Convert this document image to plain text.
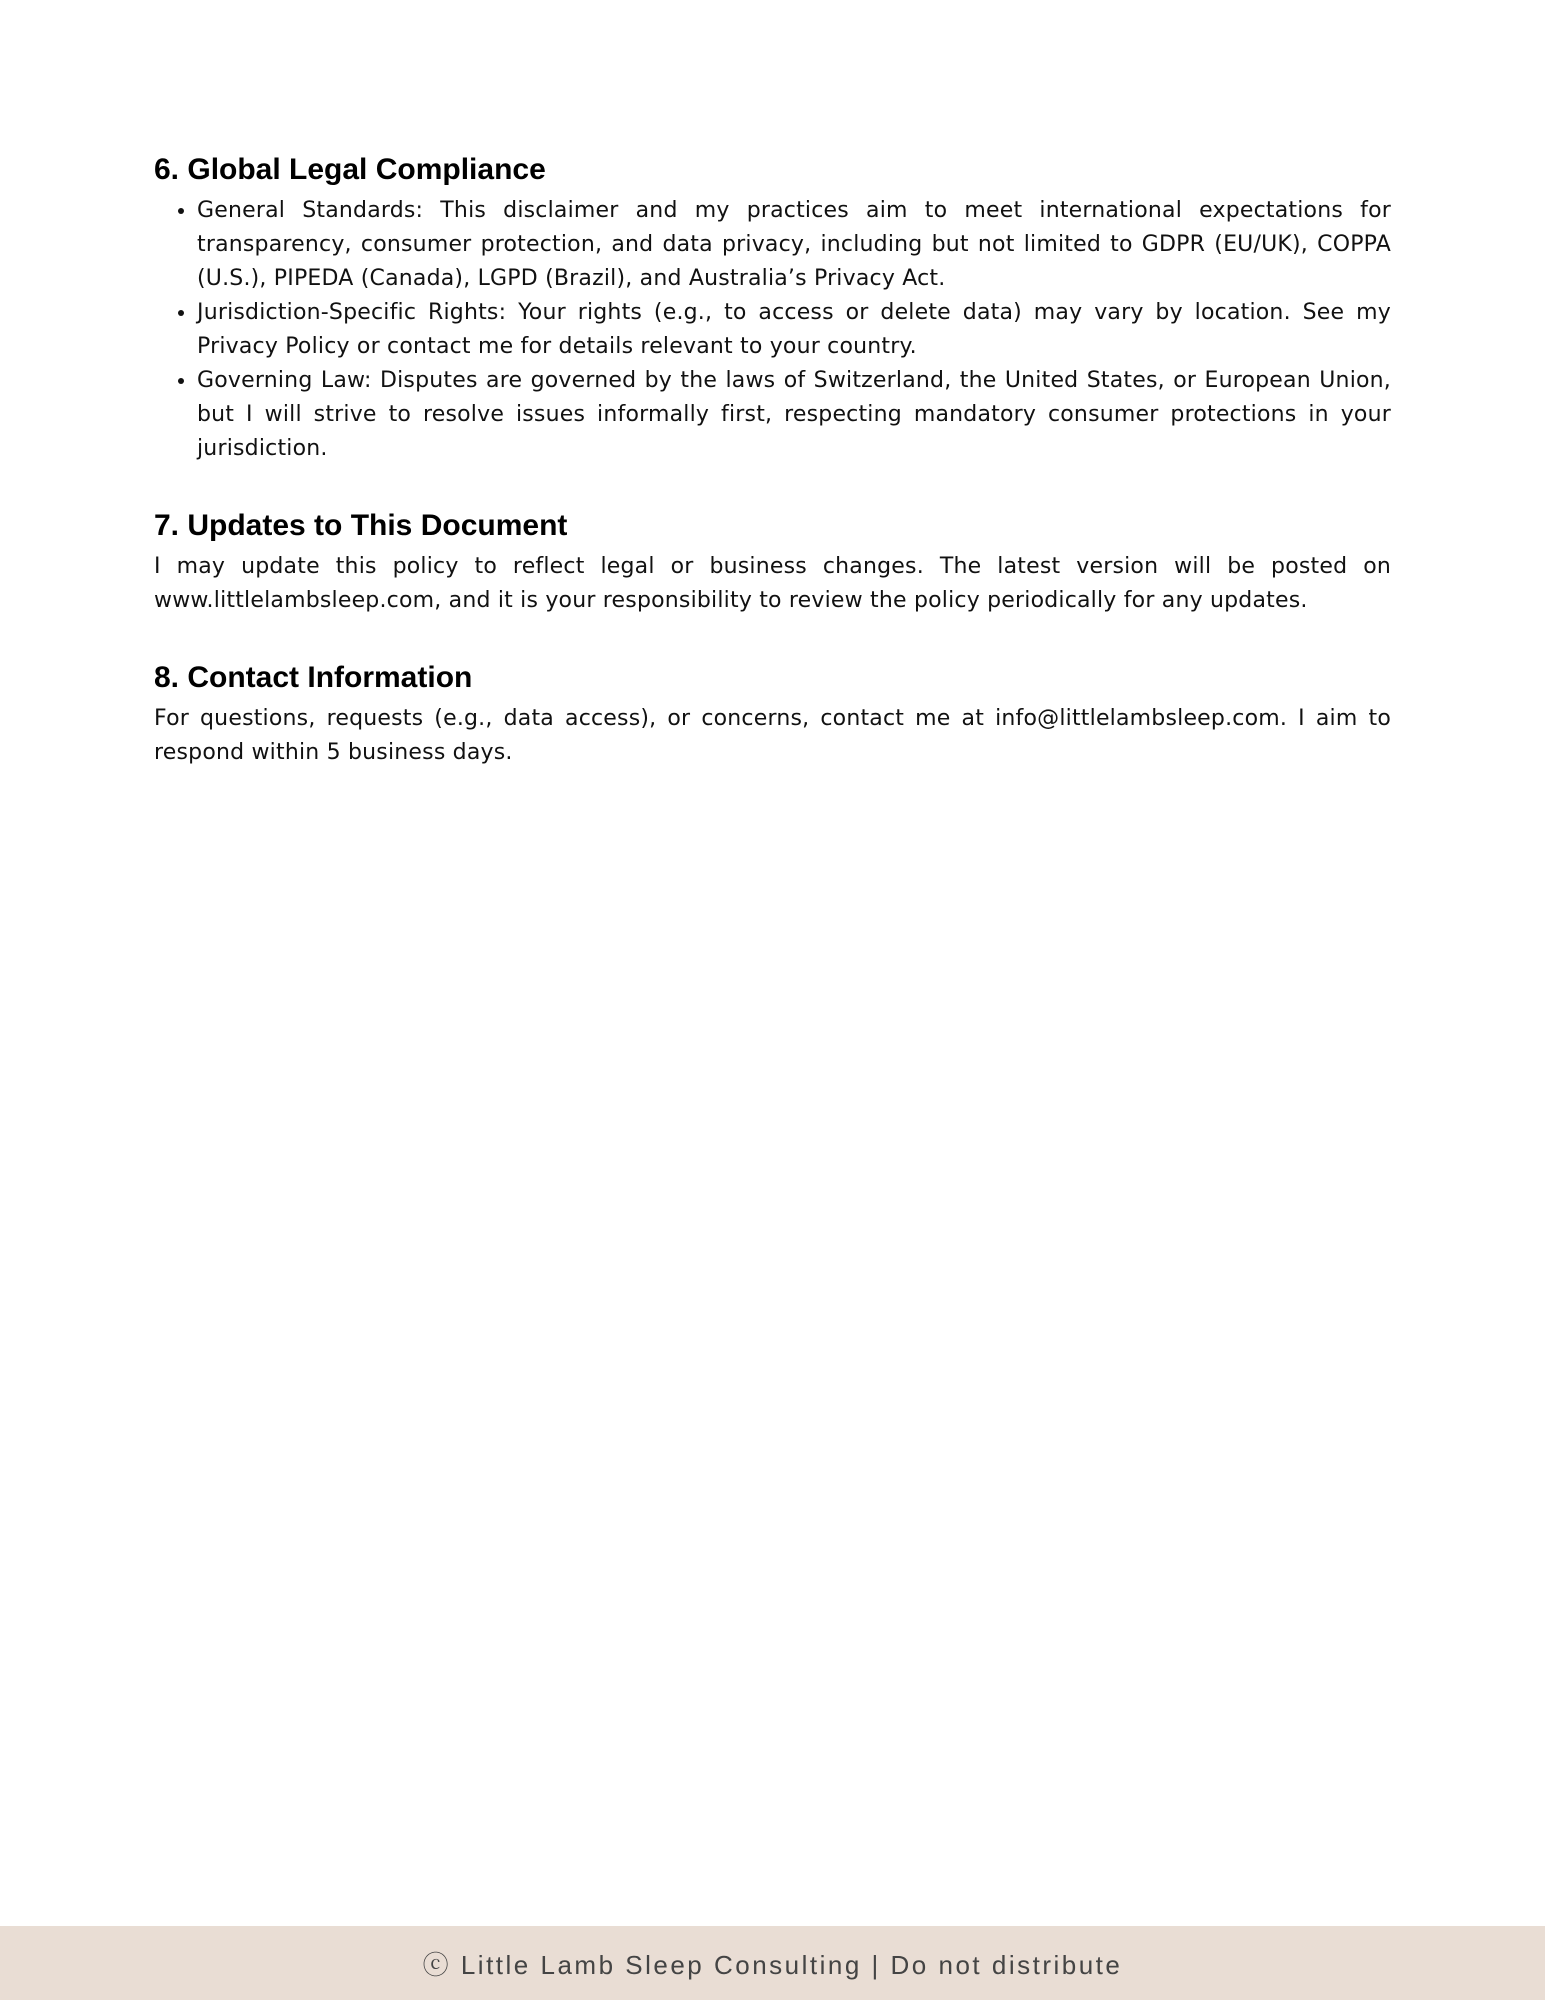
6. Global Legal Compliance
• General Standards: This disclaimer and my practices aim to meet international expectations for transparency, consumer protection, and data privacy, including but not limited to GDPR (EU/UK), COPPA (U.S.), PIPEDA (Canada), LGPD (Brazil), and Australia’s Privacy Act.
• Jurisdiction-Specific Rights: Your rights (e.g., to access or delete data) may vary by location. See my Privacy Policy or contact me for details relevant to your country.
• Governing Law: Disputes are governed by the laws of Switzerland, the United States, or European Union, but I will strive to resolve issues informally first, respecting mandatory consumer protections in your jurisdiction.
7. Updates to This Document

I may update this policy to reflect legal or business changes. The latest version will be posted on www.littlelambsleep.com, and it is your responsibility to review the policy periodically for any updates.

8. Contact Information

For questions, requests (e.g., data access), or concerns, contact me at info@littlelambsleep.com. I aim to respond within 5 business days.

ⓒ Little Lamb Sleep Consulting | Do not distribute
